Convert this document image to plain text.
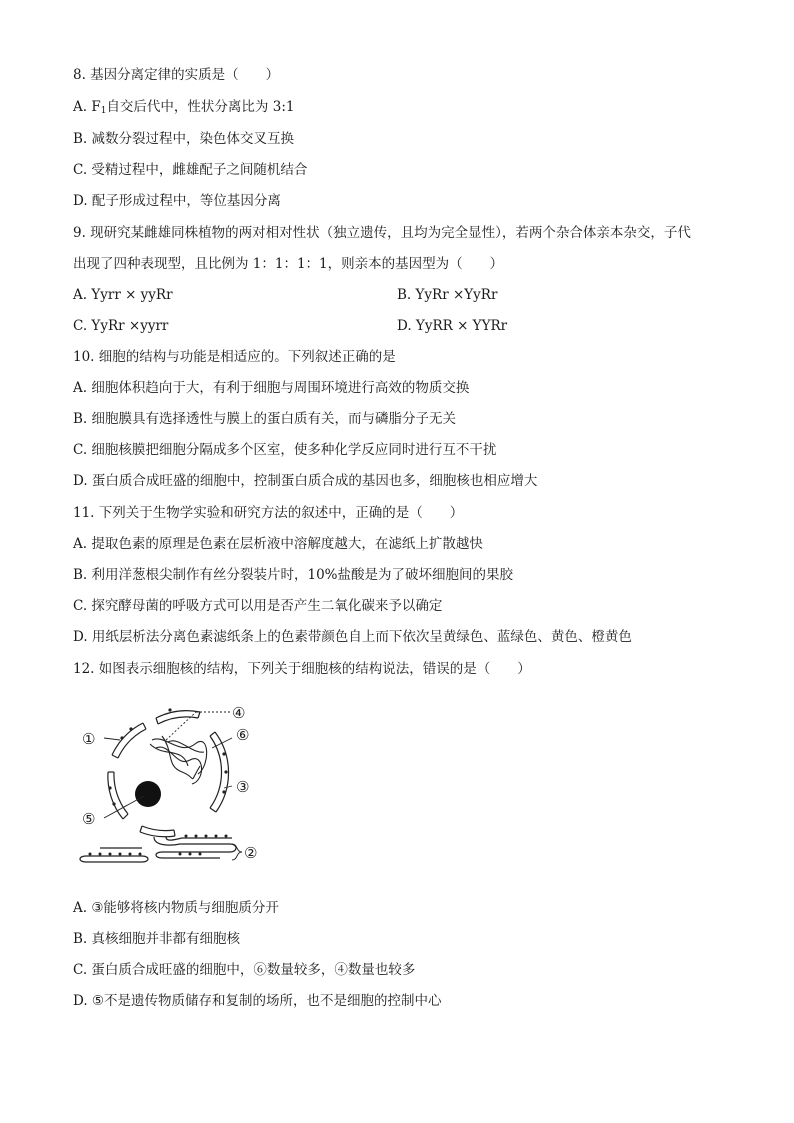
8. 基因分离定律的实质是（　　）
A. $F_1$自交后代中，性状分离比为 3:1
B. 减数分裂过程中，染色体交叉互换
C. 受精过程中，雌雄配子之间随机结合
D. 配子形成过程中，等位基因分离
9. 现研究某雌雄同株植物的两对相对性状（独立遗传，且均为完全显性），若两个杂合体亲本杂交，子代
出现了四种表现型，且比例为 1：1：1：1，则亲本的基因型为（　　）
A. Yyrr × yyRr	B. YyRr ×YyRr
C. YyRr ×yyrr	D. YyRR × YYRr
10. 细胞的结构与功能是相适应的。下列叙述正确的是
A. 细胞体积趋向于大，有利于细胞与周围环境进行高效的物质交换
B. 细胞膜具有选择透性与膜上的蛋白质有关，而与磷脂分子无关
C. 细胞核膜把细胞分隔成多个区室，使多种化学反应同时进行互不干扰
D. 蛋白质合成旺盛的细胞中，控制蛋白质合成的基因也多，细胞核也相应增大
11. 下列关于生物学实验和研究方法的叙述中，正确的是（　　）
A. 提取色素的原理是色素在层析液中溶解度越大，在滤纸上扩散越快
B. 利用洋葱根尖制作有丝分裂装片时，10%盐酸是为了破坏细胞间的果胶
C. 探究酵母菌的呼吸方式可以用是否产生二氧化碳来予以确定
D. 用纸层析法分离色素滤纸条上的色素带颜色自上而下依次呈黄绿色、蓝绿色、黄色、橙黄色
12. 如图表示细胞核的结构，下列关于细胞核的结构说法，错误的是（　　）
①
②
③
④
⑤
⑥
A. ③能够将核内物质与细胞质分开
B. 真核细胞并非都有细胞核
C. 蛋白质合成旺盛的细胞中，⑥数量较多，④数量也较多
D. ⑤不是遗传物质储存和复制的场所，也不是细胞的控制中心
